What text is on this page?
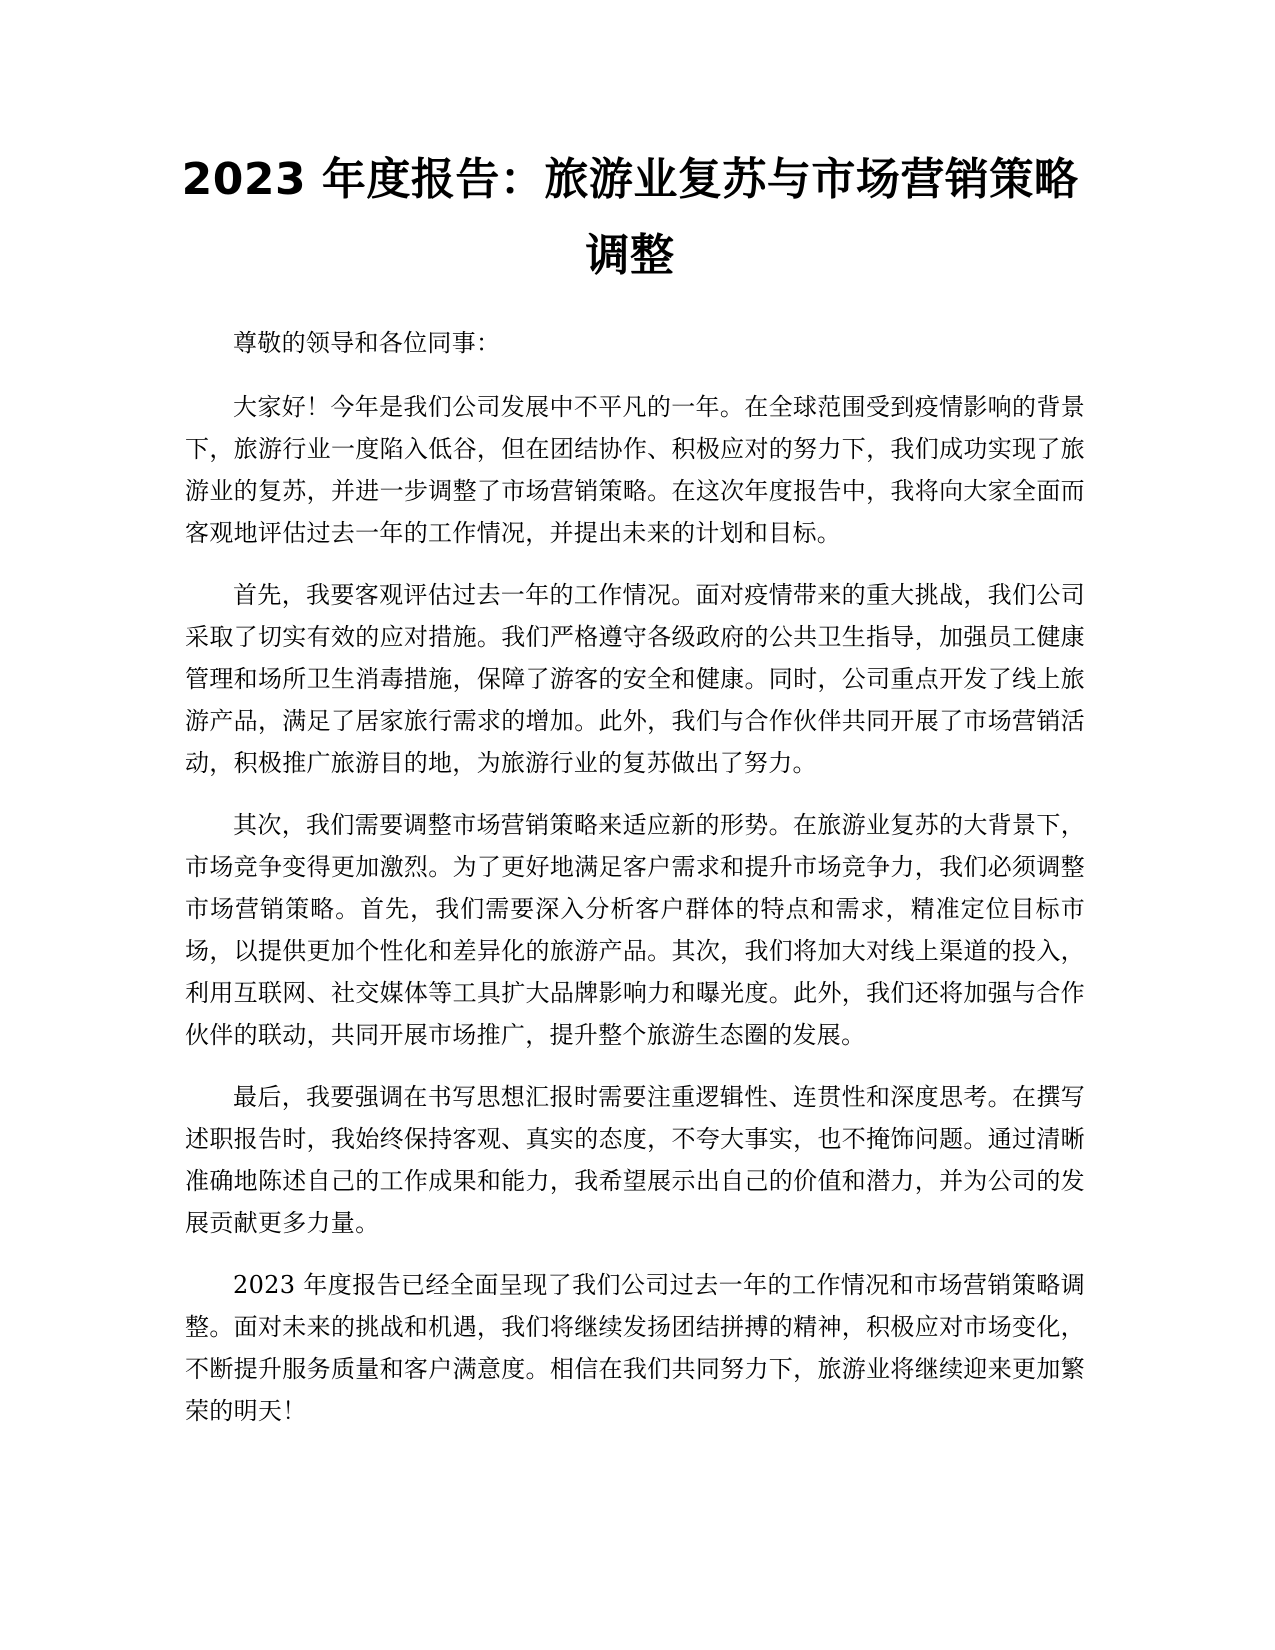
2023 年度报告：旅游业复苏与市场营销策略调整

尊敬的领导和各位同事：

大家好！今年是我们公司发展中不平凡的一年。在全球范围受到疫情影响的背景下，旅游行业一度陷入低谷，但在团结协作、积极应对的努力下，我们成功实现了旅游业的复苏，并进一步调整了市场营销策略。在这次年度报告中，我将向大家全面而客观地评估过去一年的工作情况，并提出未来的计划和目标。

首先，我要客观评估过去一年的工作情况。面对疫情带来的重大挑战，我们公司采取了切实有效的应对措施。我们严格遵守各级政府的公共卫生指导，加强员工健康管理和场所卫生消毒措施，保障了游客的安全和健康。同时，公司重点开发了线上旅游产品，满足了居家旅行需求的增加。此外，我们与合作伙伴共同开展了市场营销活动，积极推广旅游目的地，为旅游行业的复苏做出了努力。

其次，我们需要调整市场营销策略来适应新的形势。在旅游业复苏的大背景下，市场竞争变得更加激烈。为了更好地满足客户需求和提升市场竞争力，我们必须调整市场营销策略。首先，我们需要深入分析客户群体的特点和需求，精准定位目标市场，以提供更加个性化和差异化的旅游产品。其次，我们将加大对线上渠道的投入，利用互联网、社交媒体等工具扩大品牌影响力和曝光度。此外，我们还将加强与合作伙伴的联动，共同开展市场推广，提升整个旅游生态圈的发展。

最后，我要强调在书写思想汇报时需要注重逻辑性、连贯性和深度思考。在撰写述职报告时，我始终保持客观、真实的态度，不夸大事实，也不掩饰问题。通过清晰准确地陈述自己的工作成果和能力，我希望展示出自己的价值和潜力，并为公司的发展贡献更多力量。

2023 年度报告已经全面呈现了我们公司过去一年的工作情况和市场营销策略调整。面对未来的挑战和机遇，我们将继续发扬团结拼搏的精神，积极应对市场变化，不断提升服务质量和客户满意度。相信在我们共同努力下，旅游业将继续迎来更加繁荣的明天！
